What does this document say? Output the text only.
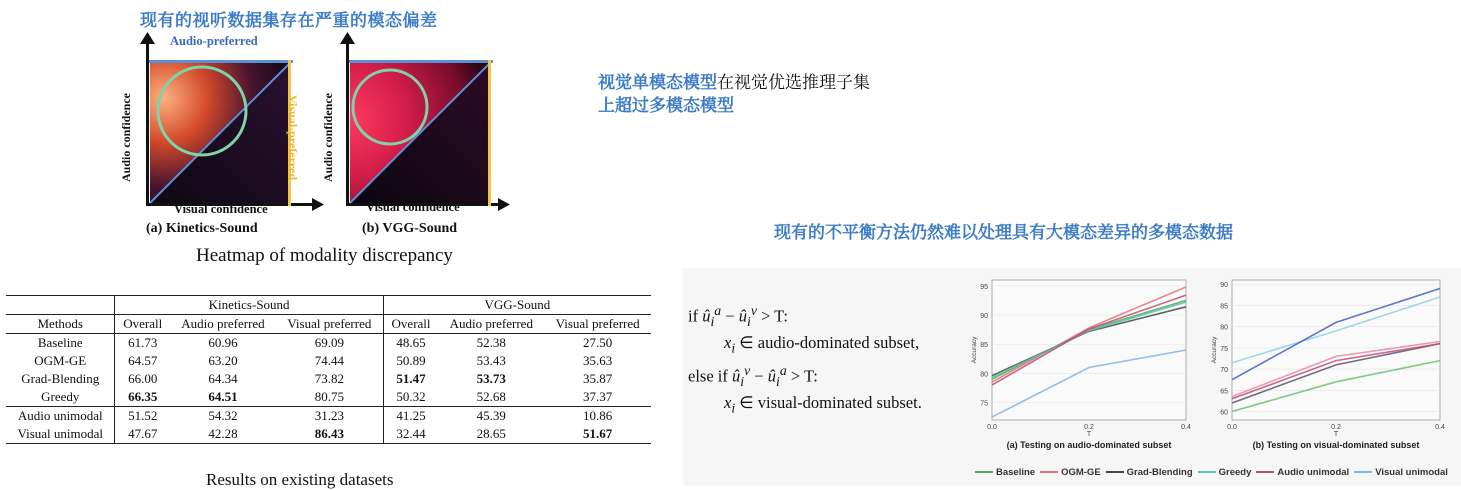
现有的视听数据集存在严重的模态偏差
Audio-preferred
Visual-preferred
Audio confidence
Visual confidence
(a) Kinetics-Sound
Audio confidence
Visual confidence
(b) VGG-Sound
Heatmap of modality discrepancy
视觉单模态模型在视觉优选推理子集
上超过多模态模型
现有的不平衡方法仍然难以处理具有大模态差异的多模态数据
	Kinetics-Sound			VGG-Sound		
Methods	Overall	Audio preferred	Visual preferred	Overall	Audio preferred	Visual preferred
Baseline	61.73	60.96	69.09	48.65	52.38	27.50
OGM-GE	64.57	63.20	74.44	50.89	53.43	35.63
Grad-Blending	66.00	64.34	73.82	51.47	53.73	35.87
Greedy	66.35	64.51	80.75	50.32	52.68	37.37
Audio unimodal	51.52	54.32	31.23	41.25	45.39	10.86
Visual unimodal	47.67	42.28	86.43	32.44	28.65	51.67
Results on existing datasets
if $û_i^a$ − $û_i^v > T$:
$x_i$ ∈ audio-dominated subset,
else if $û_i^v$ − $û_i^a > T$:
$x_i$ ∈ visual-dominated subset.	75
80
85
90
95
0.0	0.2	0.4
T
Accuracy
(a) Testing on audio-dominated subset
60
65
70
75
80
85
90
0.0	0.2	0.4
T
Accuracy
(b) Testing on visual-dominated subset
Baseline	OGM-GE	Grad-Blending	Greedy	Audio unimodal	Visual unimodal
